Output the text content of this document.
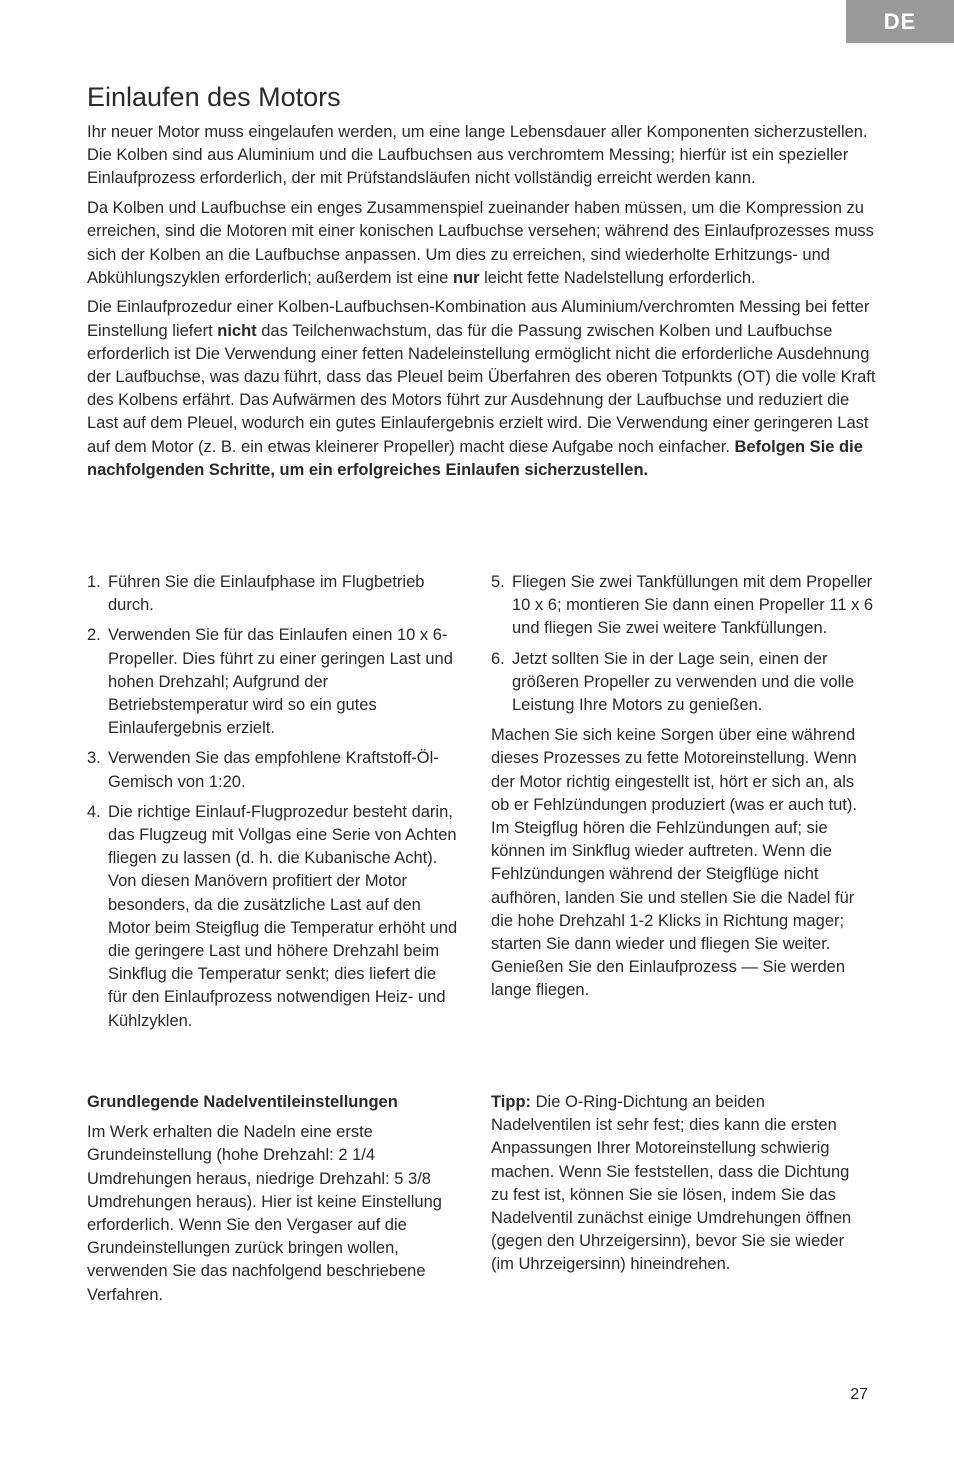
DE
Einlaufen des Motors

Ihr neuer Motor muss eingelaufen werden, um eine lange Lebensdauer aller Komponenten sicherzustellen. Die Kolben sind aus Aluminium und die Laufbuchsen aus verchromtem Messing; hierfür ist ein spezieller Einlaufprozess erforderlich, der mit Prüfstandsläufen nicht vollständig erreicht werden kann.

Da Kolben und Laufbuchse ein enges Zusammenspiel zueinander haben müssen, um die Kompression zu erreichen, sind die Motoren mit einer konischen Laufbuchse versehen; während des Einlaufprozesses muss sich der Kolben an die Laufbuchse anpassen. Um dies zu erreichen, sind wiederholte Erhitzungs- und Abkühlungszyklen erforderlich; außerdem ist eine nur leicht fette Nadelstellung erforderlich.

Die Einlaufprozedur einer Kolben-Laufbuchsen-Kombination aus Aluminium/verchromten Messing bei fetter Einstellung liefert nicht das Teilchenwachstum, das für die Passung zwischen Kolben und Laufbuchse erforderlich ist Die Verwendung einer fetten Nadeleinstellung ermöglicht nicht die erforderliche Ausdehnung der Laufbuchse, was dazu führt, dass das Pleuel beim Überfahren des oberen Totpunkts (OT) die volle Kraft des Kolbens erfährt. Das Aufwärmen des Motors führt zur Ausdehnung der Laufbuchse und reduziert die Last auf dem Pleuel, wodurch ein gutes Einlaufergebnis erzielt wird. Die Verwendung einer geringeren Last auf dem Motor (z. B. ein etwas kleinerer Propeller) macht diese Aufgabe noch einfacher. Befolgen Sie die nachfolgenden Schritte, um ein erfolgreiches Einlaufen sicherzustellen.

1. Führen Sie die Einlaufphase im Flugbetrieb durch.
2. Verwenden Sie für das Einlaufen einen 10 x 6-Propeller. Dies führt zu einer geringen Last und hohen Drehzahl; Aufgrund der Betriebstemperatur wird so ein gutes Einlaufergebnis erzielt.
3. Verwenden Sie das empfohlene Kraftstoff-Öl-Gemisch von 1:20.
4. Die richtige Einlauf-Flugprozedur besteht darin, das Flugzeug mit Vollgas eine Serie von Achten fliegen zu lassen (d. h. die Kubanische Acht). Von diesen Manövern profitiert der Motor besonders, da die zusätzliche Last auf den Motor beim Steigflug die Temperatur erhöht und die geringere Last und höhere Drehzahl beim Sinkflug die Temperatur senkt; dies liefert die für den Einlaufprozess notwendigen Heiz- und Kühlzyklen.
5. Fliegen Sie zwei Tankfüllungen mit dem Propeller 10 x 6; montieren Sie dann einen Propeller 11 x 6 und fliegen Sie zwei weitere Tankfüllungen.
6. Jetzt sollten Sie in der Lage sein, einen der größeren Propeller zu verwenden und die volle Leistung Ihre Motors zu genießen.

Machen Sie sich keine Sorgen über eine während dieses Prozesses zu fette Motoreinstellung. Wenn der Motor richtig eingestellt ist, hört er sich an, als ob er Fehlzündungen produziert (was er auch tut). Im Steigflug hören die Fehlzündungen auf; sie können im Sinkflug wieder auftreten. Wenn die Fehlzündungen während der Steigflüge nicht aufhören, landen Sie und stellen Sie die Nadel für die hohe Drehzahl 1-2 Klicks in Richtung mager; starten Sie dann wieder und fliegen Sie weiter. Genießen Sie den Einlaufprozess — Sie werden lange fliegen.

Grundlegende Nadelventileinstellungen

Im Werk erhalten die Nadeln eine erste Grundeinstellung (hohe Drehzahl: 2 1/4 Umdrehungen heraus, niedrige Drehzahl: 5 3/8 Umdrehungen heraus). Hier ist keine Einstellung erforderlich. Wenn Sie den Vergaser auf die Grundeinstellungen zurück bringen wollen, verwenden Sie das nachfolgend beschriebene Verfahren.

Tipp: Die O-Ring-Dichtung an beiden Nadelventilen ist sehr fest; dies kann die ersten Anpassungen Ihrer Motoreinstellung schwierig machen. Wenn Sie feststellen, dass die Dichtung zu fest ist, können Sie sie lösen, indem Sie das Nadelventil zunächst einige Umdrehungen öffnen (gegen den Uhrzeigersinn), bevor Sie sie wieder (im Uhrzeigersinn) hineindrehen.

27
